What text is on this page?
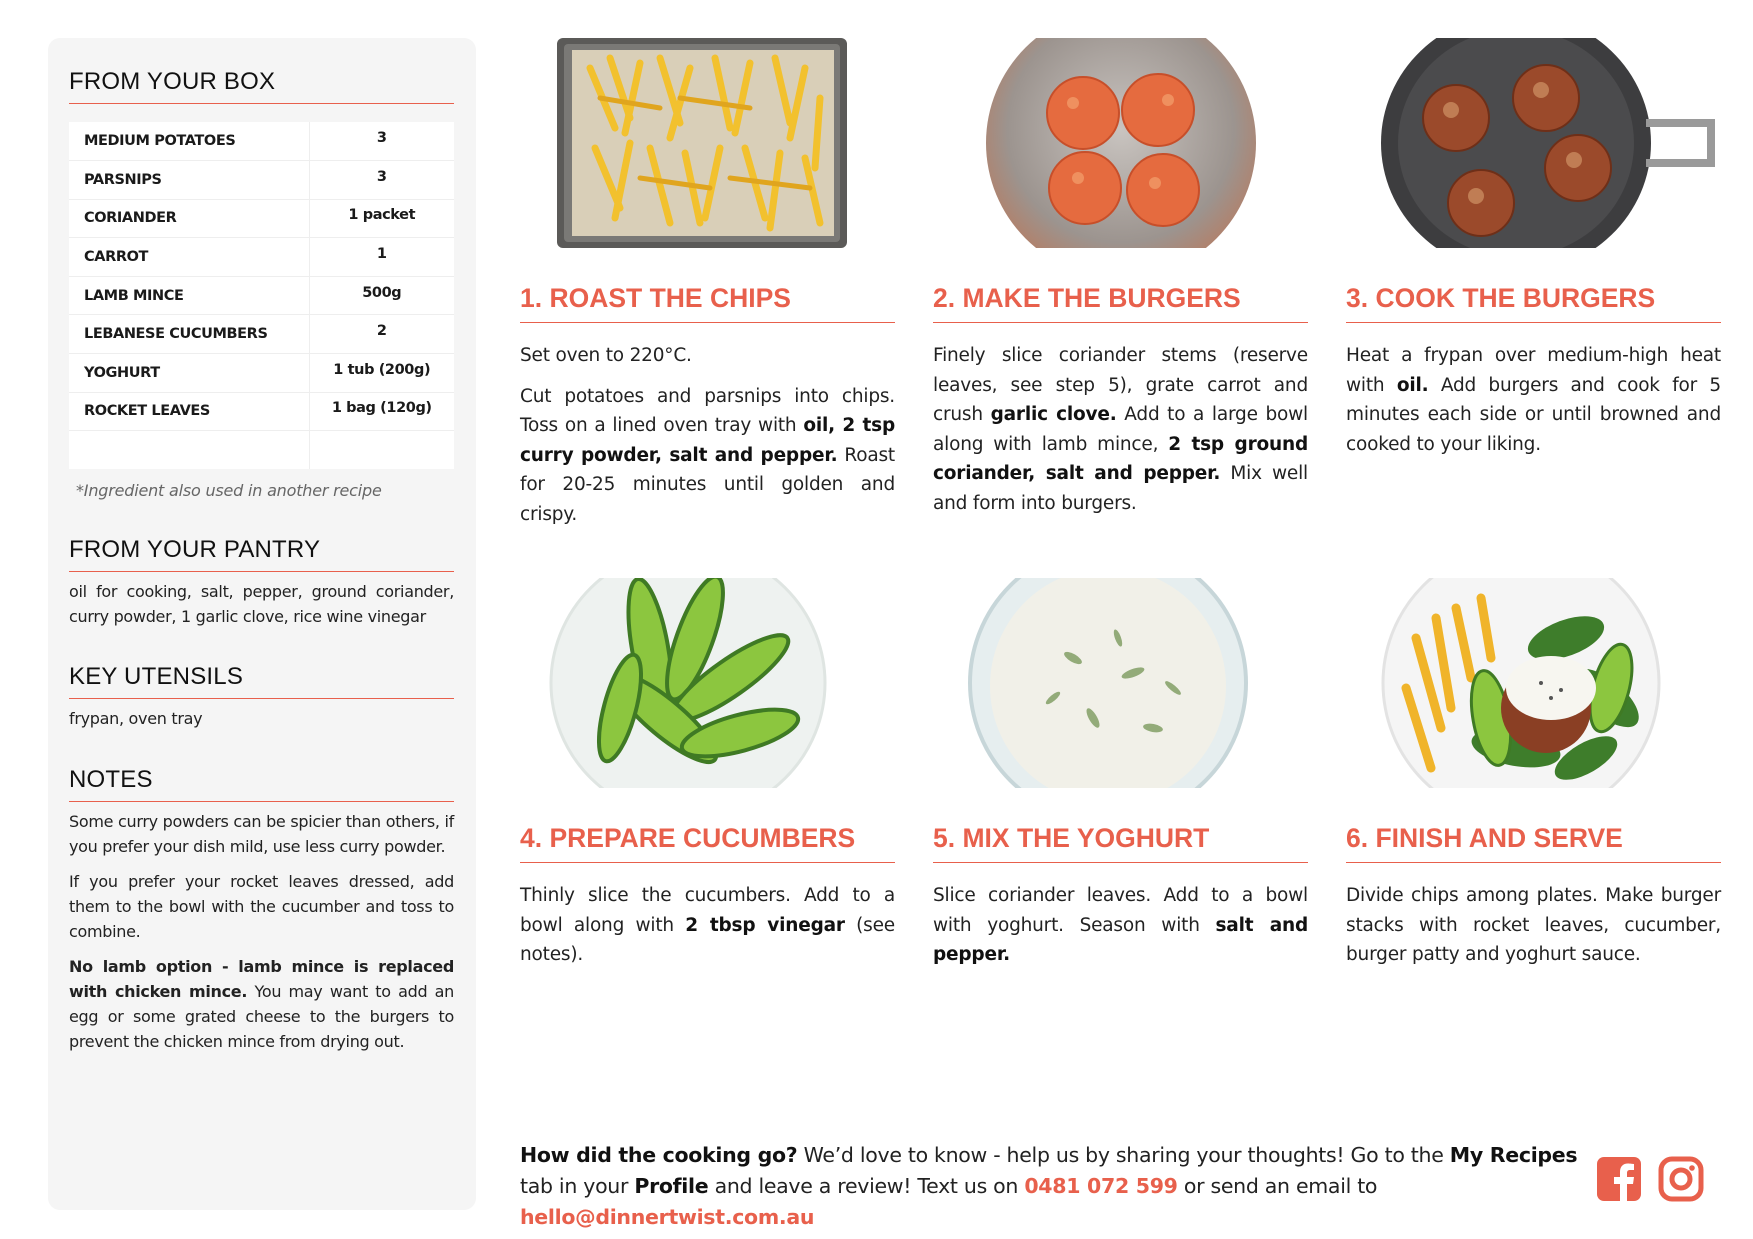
FROM YOUR BOX
MEDIUM POTATOES	3
PARSNIPS	3
CORIANDER	1 packet
CARROT	1
LAMB MINCE	500g
LEBANESE CUCUMBERS	2
YOGHURT	1 tub (200g)
ROCKET LEAVES	1 bag (120g)

*Ingredient also used in another recipe
FROM YOUR PANTRY

oil for cooking, salt, pepper, ground coriander, curry powder, 1 garlic clove, rice wine vinegar

KEY UTENSILS

frypan, oven tray

NOTES

Some curry powders can be spicier than others, if you prefer your dish mild, use less curry powder.

If you prefer your rocket leaves dressed, add them to the bowl with the cucumber and toss to combine.

No lamb option - lamb mince is replaced with chicken mince. You may want to add an egg or some grated cheese to the burgers to prevent the chicken mince from drying out.

1. ROAST THE CHIPS

Set oven to 220°C.

Cut potatoes and parsnips into chips. Toss on a lined oven tray with oil, 2 tsp curry powder, salt and pepper. Roast for 20-25 minutes until golden and crispy.

2. MAKE THE BURGERS

Finely slice coriander stems (reserve leaves, see step 5), grate carrot and crush garlic clove. Add to a large bowl along with lamb mince, 2 tsp ground coriander, salt and pepper. Mix well and form into burgers.

3. COOK THE BURGERS

Heat a frypan over medium-high heat with oil. Add burgers and cook for 5 minutes each side or until browned and cooked to your liking.

4. PREPARE CUCUMBERS

Thinly slice the cucumbers. Add to a bowl along with 2 tbsp vinegar (see notes).

5. MIX THE YOGHURT

Slice coriander leaves. Add to a bowl with yoghurt. Season with salt and pepper.

6. FINISH AND SERVE

Divide chips among plates. Make burger stacks with rocket leaves, cucumber, burger patty and yoghurt sauce.

How did the cooking go? We’d love to know - help us by sharing your thoughts! Go to the My Recipes tab in your Profile and leave a review! Text us on 0481 072 599 or send an email to hello@dinnertwist.com.au
